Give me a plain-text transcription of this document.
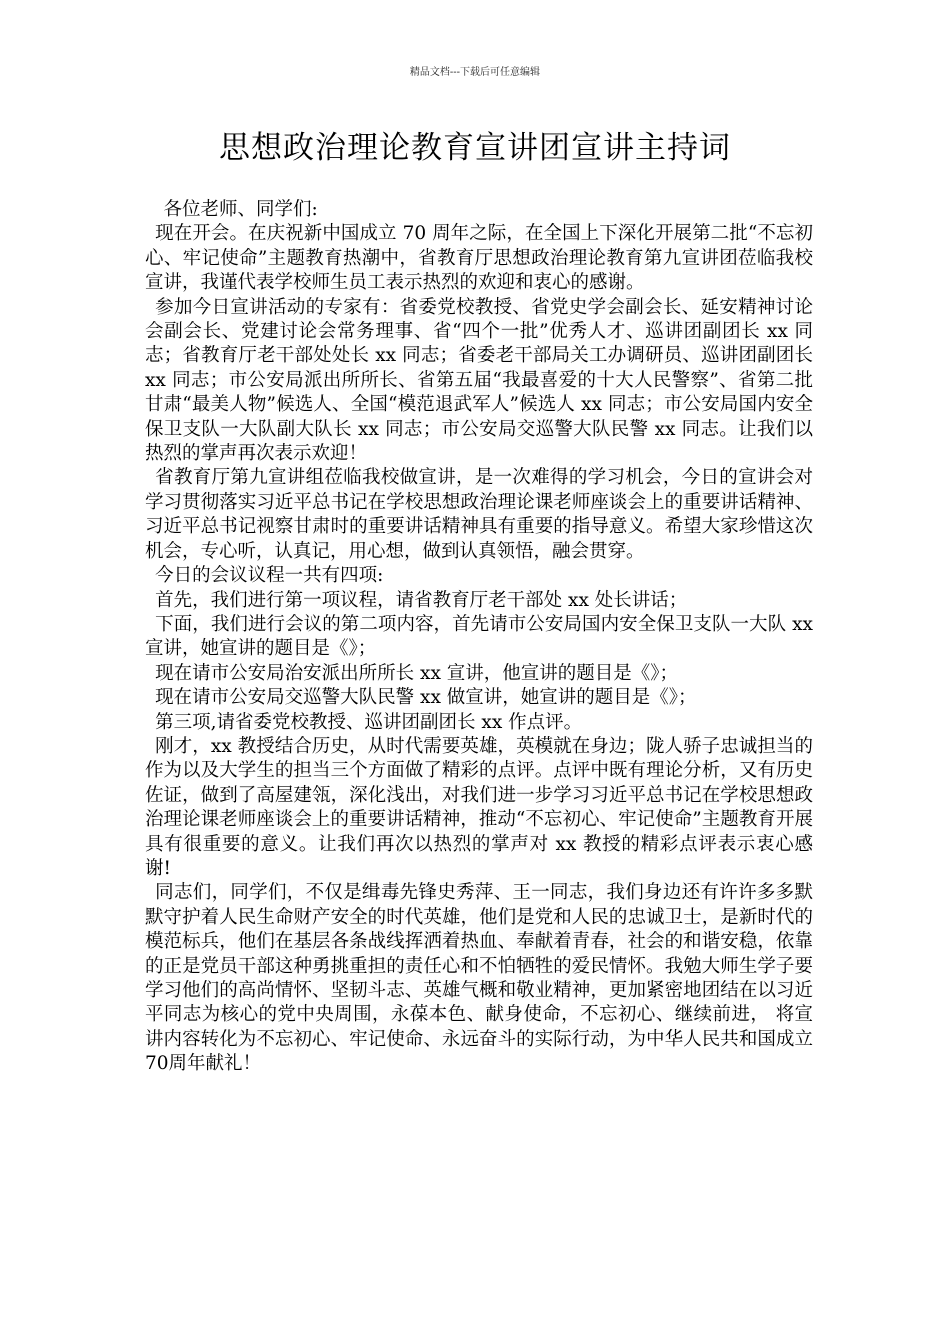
精品文档---下载后可任意编辑
思想政治理论教育宣讲团宣讲主持词

各位老师、同学们:

现在开会。在庆祝新中国成立 70 周年之际，在全国上下深化开展第二批“不忘初心、牢记使命”主题教育热潮中，省教育厅思想政治理论教育第九宣讲团莅临我校宣讲，我谨代表学校师生员工表示热烈的欢迎和衷心的感谢。

参加今日宣讲活动的专家有：省委党校教授、省党史学会副会长、延安精神讨论会副会长、党建讨论会常务理事、省“四个一批”优秀人才、巡讲团副团长 xx 同志；省教育厅老干部处处长 xx 同志；省委老干部局关工办调研员、巡讲团副团长 xx 同志；市公安局派出所所长、省第五届“我最喜爱的十大人民警察”、省第二批甘肃“最美人物”候选人、全国“模范退武军人”候选人 xx 同志；市公安局国内安全保卫支队一大队副大队长 xx 同志；市公安局交巡警大队民警 xx 同志。让我们以热烈的掌声再次表示欢迎！

省教育厅第九宣讲组莅临我校做宣讲，是一次难得的学习机会，今日的宣讲会对学习贯彻落实习近平总书记在学校思想政治理论课老师座谈会上的重要讲话精神、习近平总书记视察甘肃时的重要讲话精神具有重要的指导意义。希望大家珍惜这次机会，专心听，认真记，用心想，做到认真领悟，融会贯穿。

今日的会议议程一共有四项:

首先，我们进行第一项议程，请省教育厅老干部处 xx 处长讲话；

下面，我们进行会议的第二项内容，首先请市公安局国内安全保卫支队一大队 xx 宣讲，她宣讲的题目是《》；

现在请市公安局治安派出所所长 xx 宣讲，他宣讲的题目是《》；

现在请市公安局交巡警大队民警 xx 做宣讲，她宣讲的题目是《》；

第三项,请省委党校教授、巡讲团副团长 xx 作点评。

刚才，xx 教授结合历史，从时代需要英雄，英模就在身边；陇人骄子忠诚担当的作为以及大学生的担当三个方面做了精彩的点评。点评中既有理论分析，又有历史佐证，做到了高屋建瓴，深化浅出，对我们进一步学习习近平总书记在学校思想政治理论课老师座谈会上的重要讲话精神，推动“不忘初心、牢记使命”主题教育开展具有很重要的意义。让我们再次以热烈的掌声对 xx 教授的精彩点评表示衷心感谢!

同志们，同学们，不仅是缉毒先锋史秀萍、王一同志，我们身边还有许许多多默默守护着人民生命财产安全的时代英雄，他们是党和人民的忠诚卫士，是新时代的模范标兵，他们在基层各条战线挥洒着热血、奉献着青春，社会的和谐安稳，依靠的正是党员干部这种勇挑重担的责任心和不怕牺牲的爱民情怀。我勉大师生学子要学习他们的高尚情怀、坚韧斗志、英雄气概和敬业精神，更加紧密地团结在以习近平同志为核心的党中央周围，永葆本色、献身使命，不忘初心、继续前进， 将宣讲内容转化为不忘初心、牢记使命、永远奋斗的实际行动，为中华人民共和国成立70周年献礼！
